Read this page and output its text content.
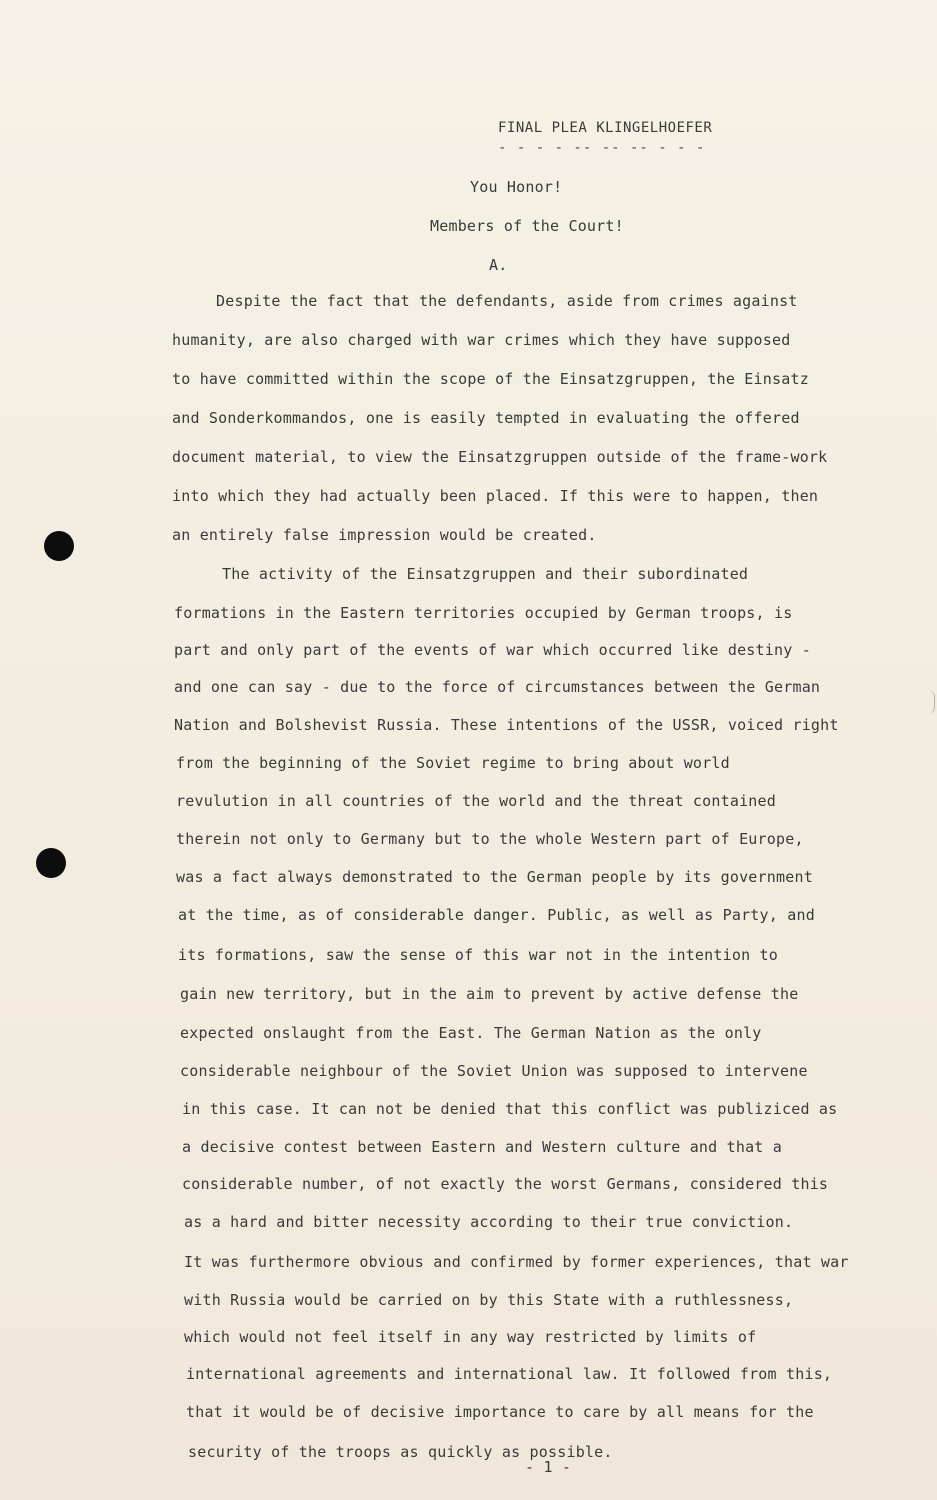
FINAL PLEA KLINGELHOEFER
- - - - -- -- -- - - -
You Honor!
Members of the Court!
A.
Despite the fact that the defendants, aside from crimes against
humanity, are also charged with war crimes which they have supposed
to have committed within the scope of the Einsatzgruppen, the Einsatz
and Sonderkommandos, one is easily tempted in evaluating the offered
document material, to view the Einsatzgruppen outside of the frame-work
into which they had actually been placed. If this were to happen, then
an entirely false impression would be created.
The activity of the Einsatzgruppen and their subordinated
formations in the Eastern territories occupied by German troops, is
part and only part of the events of war which occurred like destiny -
and one can say - due to the force of circumstances between the German
Nation and Bolshevist Russia. These intentions of the USSR, voiced right
from the beginning of the Soviet regime to bring about world
revulution in all countries of the world and the threat contained
therein not only to Germany but to the whole Western part of Europe,
was a fact always demonstrated to the German people by its government
at the time, as of considerable danger. Public, as well as Party, and
its formations, saw the sense of this war not in the intention to
gain new territory, but in the aim to prevent by active defense the
expected onslaught from the East. The German Nation as the only
considerable neighbour of the Soviet Union was supposed to intervene
in this case. It can not be denied that this conflict was publiziced as
a decisive contest between Eastern and Western culture and that a
considerable number, of not exactly the worst Germans, considered this
as a hard and bitter necessity according to their true conviction.
It was furthermore obvious and confirmed by former experiences, that war
with Russia would be carried on by this State with a ruthlessness,
which would not feel itself in any way restricted by limits of
international agreements and international law. It followed from this,
that it would be of decisive importance to care by all means for the
security of the troops as quickly as possible.
- 1 -
